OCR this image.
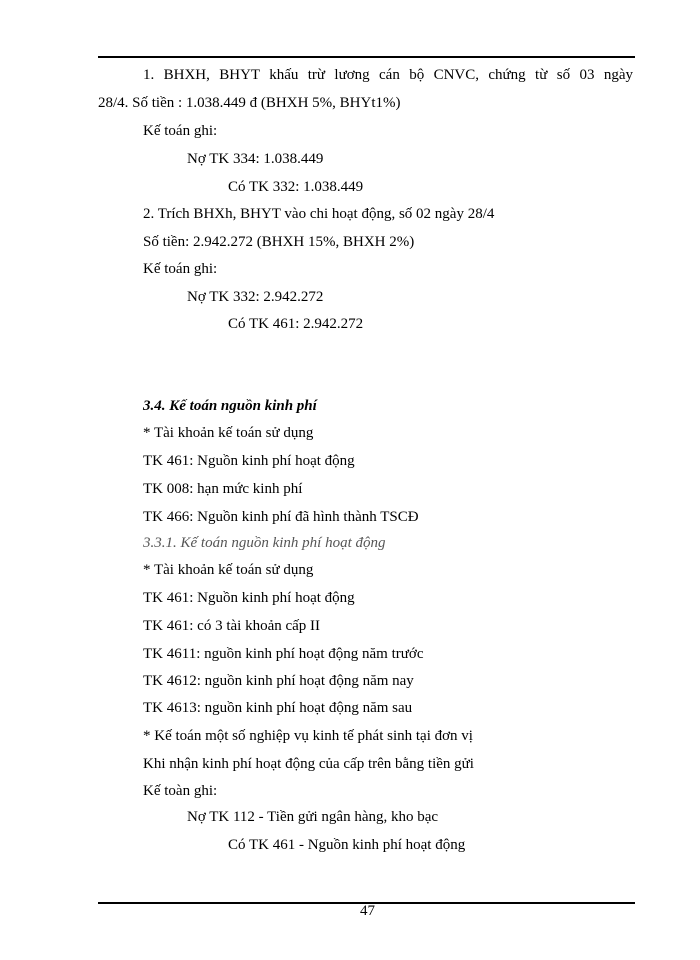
1. BHXH, BHYT khấu trừ lương cán bộ CNVC, chứng từ số 03 ngày
28/4. Số tiền : 1.038.449 đ (BHXH 5%, BHYt1%)
Kế toán ghi:
Nợ TK 334: 1.038.449
Có TK 332: 1.038.449
2. Trích BHXh, BHYT vào chi hoạt động, số 02 ngày 28/4
Số tiền: 2.942.272 (BHXH 15%, BHXH 2%)
Kế toán ghi:
Nợ TK 332: 2.942.272
Có TK 461: 2.942.272
3.4. Kế toán nguồn kinh phí
* Tài khoản kế toán sử dụng
TK 461: Nguồn kinh phí hoạt động
TK 008: hạn mức kinh phí
TK 466: Nguồn kinh phí đã hình thành TSCĐ
3.3.1. Kế toán nguồn kinh phí hoạt động
* Tài khoản kế toán sử dụng
TK 461: Nguồn kinh phí hoạt động
TK 461: có 3 tài khoản cấp II
TK 4611: nguồn kinh phí hoạt động năm trước
TK 4612: nguồn kinh phí hoạt động năm nay
TK 4613: nguồn kinh phí hoạt động năm sau
* Kế toán một số nghiệp vụ kinh tế phát sinh tại đơn vị
Khi nhận kinh phí hoạt động của cấp trên bằng tiền gửi
Kế toàn ghi:
Nợ TK 112 - Tiền gửi ngân hàng, kho bạc
Có TK 461 - Nguồn kinh phí hoạt động
47
